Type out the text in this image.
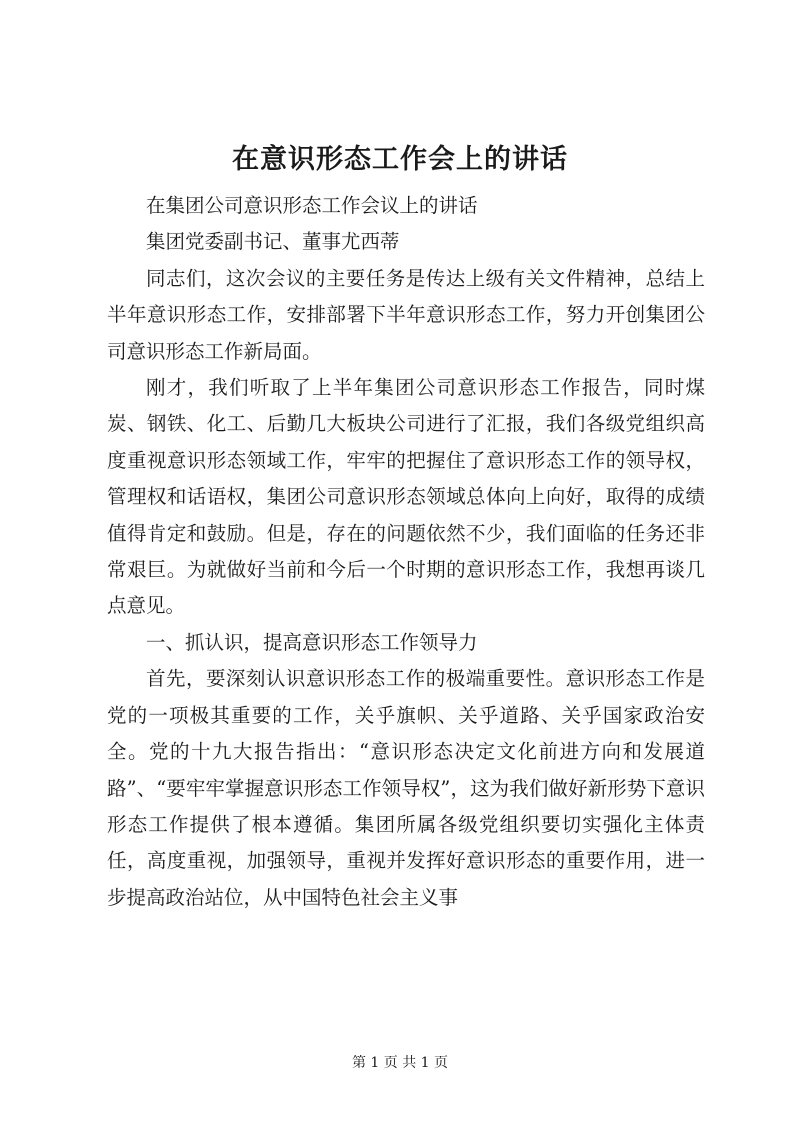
在意识形态工作会上的讲话

在集团公司意识形态工作会议上的讲话

集团党委副书记、董事尤西蒂

同志们，这次会议的主要任务是传达上级有关文件精神，总结上半年意识形态工作，安排部署下半年意识形态工作，努力开创集团公司意识形态工作新局面。

刚才，我们听取了上半年集团公司意识形态工作报告，同时煤炭、钢铁、化工、后勤几大板块公司进行了汇报，我们各级党组织高度重视意识形态领域工作，牢牢的把握住了意识形态工作的领导权，管理权和话语权，集团公司意识形态领域总体向上向好，取得的成绩值得肯定和鼓励。但是，存在的问题依然不少，我们面临的任务还非常艰巨。为就做好当前和今后一个时期的意识形态工作，我想再谈几点意见。

一、抓认识，提高意识形态工作领导力

首先，要深刻认识意识形态工作的极端重要性。意识形态工作是党的一项极其重要的工作，关乎旗帜、关乎道路、关乎国家政治安全。党的十九大报告指出：“意识形态决定文化前进方向和发展道路”、“要牢牢掌握意识形态工作领导权”，这为我们做好新形势下意识形态工作提供了根本遵循。集团所属各级党组织要切实强化主体责任，高度重视，加强领导，重视并发挥好意识形态的重要作用，进一步提高政治站位，从中国特色社会主义事

第 1 页 共 1 页
